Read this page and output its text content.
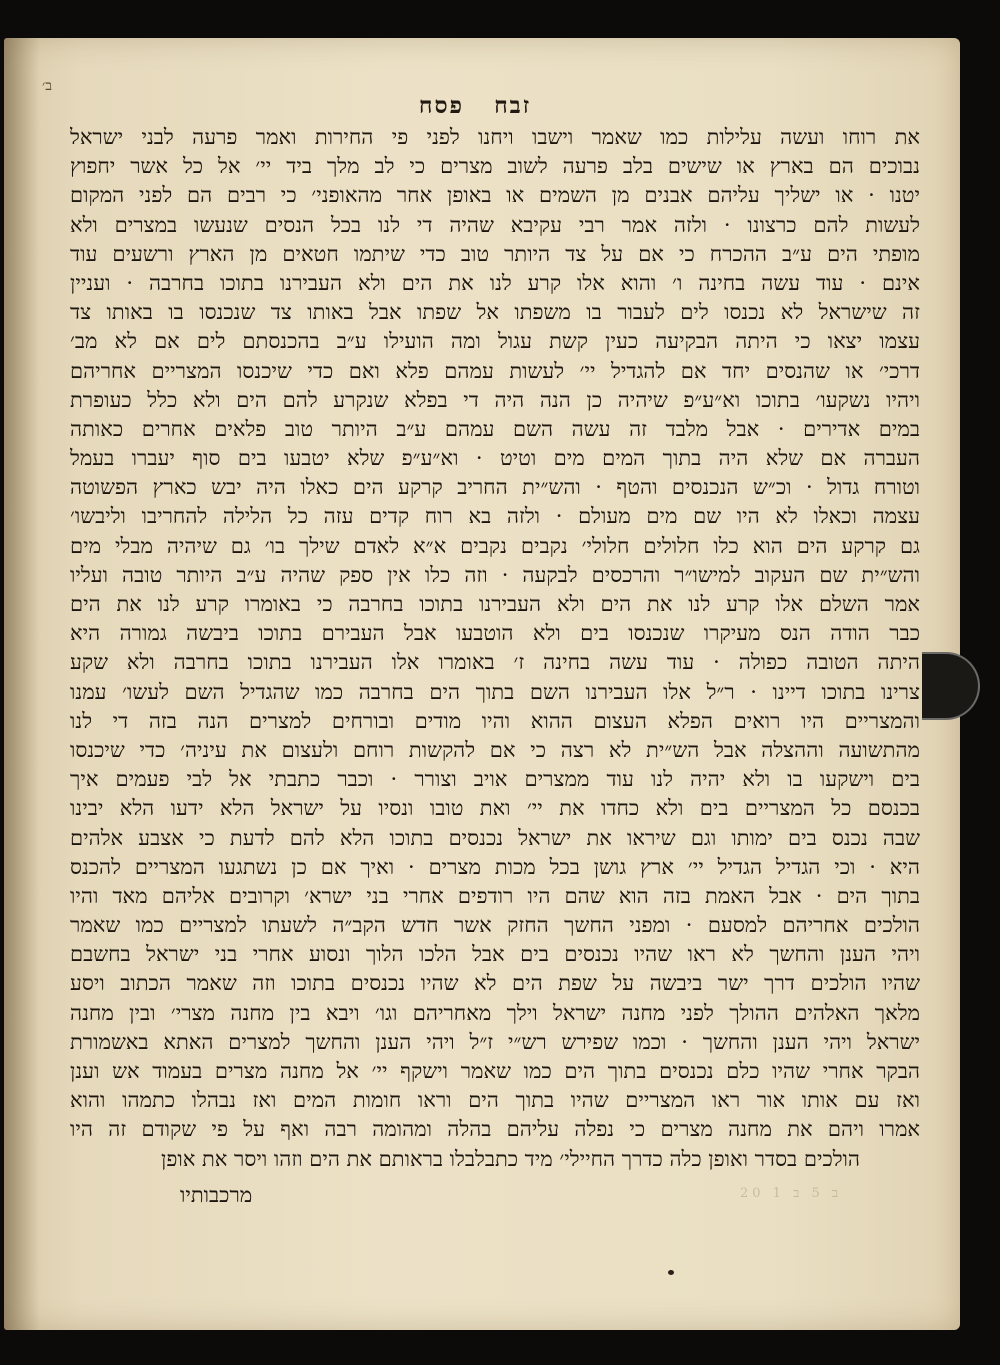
ב׳
זבח פסח
את רוחו ועשה עלילות כמו שאמר וישבו ויחנו לפני פי החירות ואמר פרעה לבני ישראל
נבוכים הם בארץ או שישים בלב פרעה לשוב מצרים כי לב מלך ביד יי׳ אל כל אשר יחפוץ
יטנו · או ישליך עליהם אבנים מן השמים או באופן אחר מהאופני׳ כי רבים הם לפני המקום
לעשות להם כרצונו · ולזה אמר רבי עקיבא שהיה די לנו בכל הנסים שנעשו במצרים ולא
מופתי הים ע״ב ההכרח כי אם על צד היותר טוב כדי שיתמו חטאים מן הארץ ורשעים עוד
אינם · עוד עשה בחינה ו׳ והוא אלו קרע לנו את הים ולא העבירנו בתוכו בחרבה · ועניין
זה שישראל לא נכנסו לים לעבור בו משפתו אל שפתו אבל באותו צד שנכנסו בו באותו צד
עצמו יצאו כי היתה הבקיעה כעין קשת עגול ומה הועילו ע״ב בהכנסתם לים אם לא מב׳
דרכי׳ או שהנסים יחד אם להגדיל יי׳ לעשות עמהם פלא ואם כדי שיכנסו המצריים אחריהם
ויהיו נשקעו׳ בתוכו וא״ע״פ שיהיה כן הנה היה די בפלא שנקרע להם הים ולא כלל כעופרת
במים אדירים · אבל מלבד זה עשה השם עמהם ע״ב היותר טוב פלאים אחרים כאותה
העברה אם שלא היה בתוך המים מים וטיט · וא״ע״פ שלא יטבעו בים סוף יעברו בעמל
וטורח גדול · וכ״ש הנכנסים והטף · והש״ית החריב קרקע הים כאלו היה יבש כארץ הפשוטה
עצמה וכאלו לא היו שם מים מעולם · ולזה בא רוח קדים עזה כל הלילה להחריבו וליבשו׳
גם קרקע הים הוא כלו חלולים חלולי׳ נקבים נקבים א״א לאדם שילך בו׳ גם שיהיה מבלי מים
והש״ית שם העקוב למישו״ר והרכסים לבקעה · וזה כלו אין ספק שהיה ע״ב היותר טובה ועליו
אמר השלם אלו קרע לנו את הים ולא העבירנו בתוכו בחרבה כי באומרו קרע לנו את הים
כבר הודה הנס מעיקרו שנכנסו בים ולא הוטבעו אבל העבירם בתוכו ביבשה גמורה היא
היתה הטובה כפולה · עוד עשה בחינה ז׳ באומרו אלו העבירנו בתוכו בחרבה ולא שקע
צרינו בתוכו דיינו · ר״ל אלו העבירנו השם בתוך הים בחרבה כמו שהגדיל השם לעשו׳ עמנו
והמצריים היו רואים הפלא העצום ההוא והיו מודים ובורחים למצרים הנה בזה די לנו
מהתשועה וההצלה אבל הש״ית לא רצה כי אם להקשות רוחם ולעצום את עיניה׳ כדי שיכנסו
בים וישקעו בו ולא יהיה לנו עוד ממצרים אויב וצורר · וכבר כתבתי אל לבי פעמים איך
בכנסם כל המצריים בים ולא כחדו את יי׳ ואת טובו ונסיו על ישראל הלא ידעו הלא יבינו
שבה נכנס בים ימותו וגם שיראו את ישראל נכנסים בתוכו הלא להם לדעת כי אצבע אלהים
היא · וכי הגדיל הגדיל יי׳ ארץ גושן בכל מכות מצרים · ואיך אם כן נשתגעו המצריים להכנס
בתוך הים · אבל האמת בזה הוא שהם היו רודפים אחרי בני ישרא׳ וקרובים אליהם מאד והיו
הולכים אחריהם למסעם · ומפני החשך החזק אשר חדש הקב״ה לשעתו למצריים כמו שאמר
ויהי הענן והחשך לא ראו שהיו נכנסים בים אבל הלכו הלוך ונסוע אחרי בני ישראל בחשבם
שהיו הולכים דרך ישר ביבשה על שפת הים לא שהיו נכנסים בתוכו וזה שאמר הכתוב ויסע
מלאך האלהים ההולך לפני מחנה ישראל וילך מאחריהם וגו׳ ויבא בין מחנה מצרי׳ ובין מחנה
ישראל ויהי הענן והחשך · וכמו שפירש רש״י ז״ל ויהי הענן והחשך למצרים האתא באשמורת
הבקר אחרי שהיו כלם נכנסים בתוך הים כמו שאמר וישקף יי׳ אל מחנה מצרים בעמוד אש וענן
ואז עם אותו אור ראו המצריים שהיו בתוך הים וראו חומות המים ואז נבהלו כתמהו והוא
אמרו ויהם את מחנה מצרים כי נפלה עליהם בהלה ומהומה רבה ואף על פי שקודם זה היו
הולכים בסדר ואופן כלה כדרך החיילי׳ מיד כתבלבלו בראותם את הים וזהו ויסר את אופן
מרכבותיו	20 1 ב 5 ב
